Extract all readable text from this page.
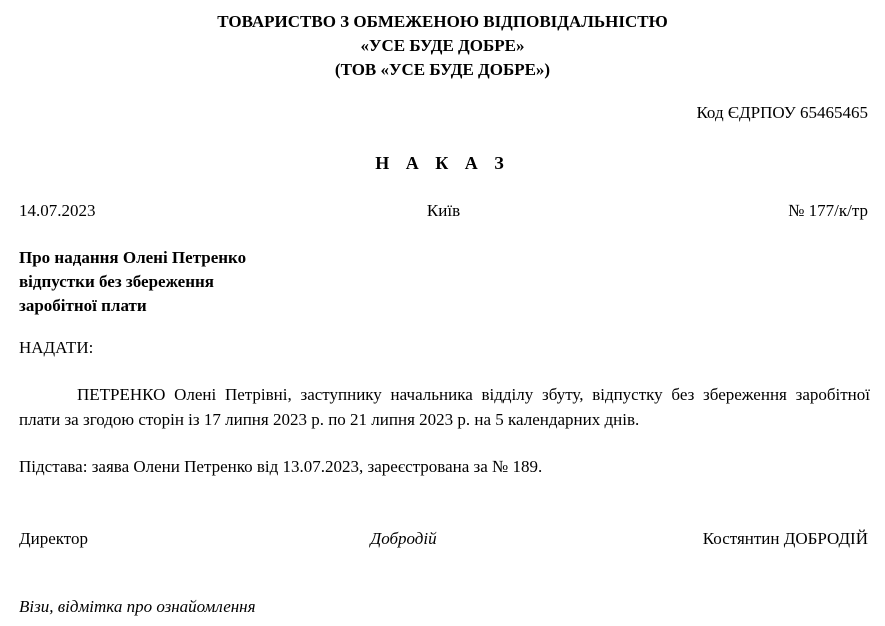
ТОВАРИСТВО З ОБМЕЖЕНОЮ ВІДПОВІДАЛЬНІСТЮ
«УСЕ БУДЕ ДОБРЕ»
(ТОВ «УСЕ БУДЕ ДОБРЕ»)
Код ЄДРПОУ 65465465
Н А К А З
14.07.2023	Київ	№ 177/к/тр
Про надання Олені Петренко
відпустки без збереження
заробітної плати
НАДАТИ:
ПЕТРЕНКО Олені Петрівні, заступнику начальника відділу збуту, відпустку без збереження заробітної плати за згодою сторін із 17 липня 2023 р. по 21 липня 2023 р. на 5 календарних днів.
Підстава: заява Олени Петренко від 13.07.2023, зареєстрована за № 189.
Директор	Добродій	Костянтин ДОБРОДІЙ
Візи, відмітка про ознайомлення
